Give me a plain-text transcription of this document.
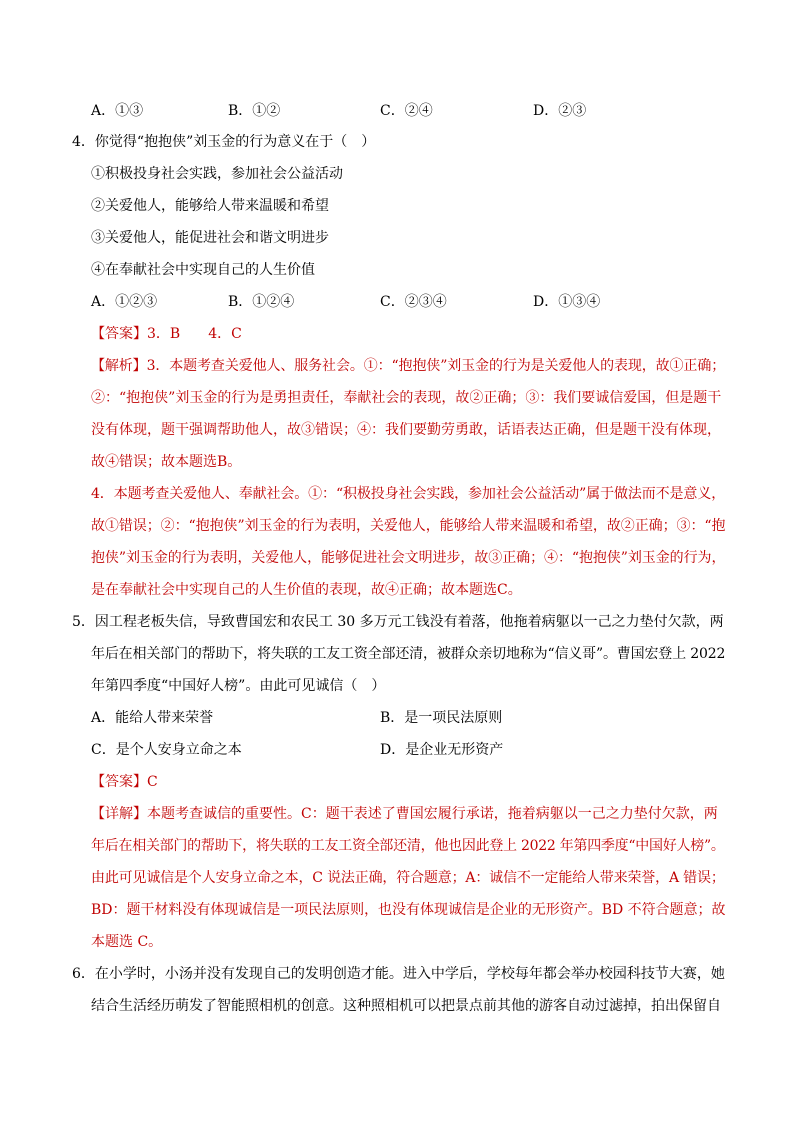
A．①③	B．①②	C．②④	D．②③
4．你觉得“抱抱侠”刘玉金的行为意义在于（　）
①积极投身社会实践，参加社会公益活动
②关爱他人，能够给人带来温暖和希望
③关爱他人，能促进社会和谐文明进步
④在奉献社会中实现自己的人生价值
A．①②③	B．①②④	C．②③④	D．①③④
【答案】3．B　　4．C
【解析】3．本题考查关爱他人、服务社会。①：“抱抱侠”刘玉金的行为是关爱他人的表现，故①正确；
②：“抱抱侠”刘玉金的行为是勇担责任，奉献社会的表现，故②正确；③：我们要诚信爱国，但是题干
没有体现，题干强调帮助他人，故③错误；④：我们要勤劳勇敢，话语表达正确，但是题干没有体现，
故④错误；故本题选B。
4．本题考查关爱他人、奉献社会。①：“积极投身社会实践，参加社会公益活动”属于做法而不是意义，
故①错误；②：“抱抱侠”刘玉金的行为表明，关爱他人，能够给人带来温暖和希望，故②正确；③：“抱
抱侠”刘玉金的行为表明，关爱他人，能够促进社会文明进步，故③正确；④：“抱抱侠”刘玉金的行为，
是在奉献社会中实现自己的人生价值的表现，故④正确；故本题选C。
5．因工程老板失信，导致曹国宏和农民工 30 多万元工钱没有着落，他拖着病躯以一己之力垫付欠款，两
年后在相关部门的帮助下，将失联的工友工资全部还清，被群众亲切地称为“信义哥”。曹国宏登上 2022
年第四季度“中国好人榜”。由此可见诚信（　）
A．能给人带来荣誉	B．是一项民法原则
C．是个人安身立命之本	D．是企业无形资产
【答案】C
【详解】本题考查诚信的重要性。C：题干表述了曹国宏履行承诺，拖着病躯以一己之力垫付欠款，两
年后在相关部门的帮助下，将失联的工友工资全部还清，他也因此登上 2022 年第四季度“中国好人榜”。
由此可见诚信是个人安身立命之本，C 说法正确，符合题意；A：诚信不一定能给人带来荣誉，A 错误；
BD：题干材料没有体现诚信是一项民法原则，也没有体现诚信是企业的无形资产。BD 不符合题意；故
本题选 C。
6．在小学时，小汤并没有发现自己的发明创造才能。进入中学后，学校每年都会举办校园科技节大赛，她
结合生活经历萌发了智能照相机的创意。这种照相机可以把景点前其他的游客自动过滤掉，拍出保留自
